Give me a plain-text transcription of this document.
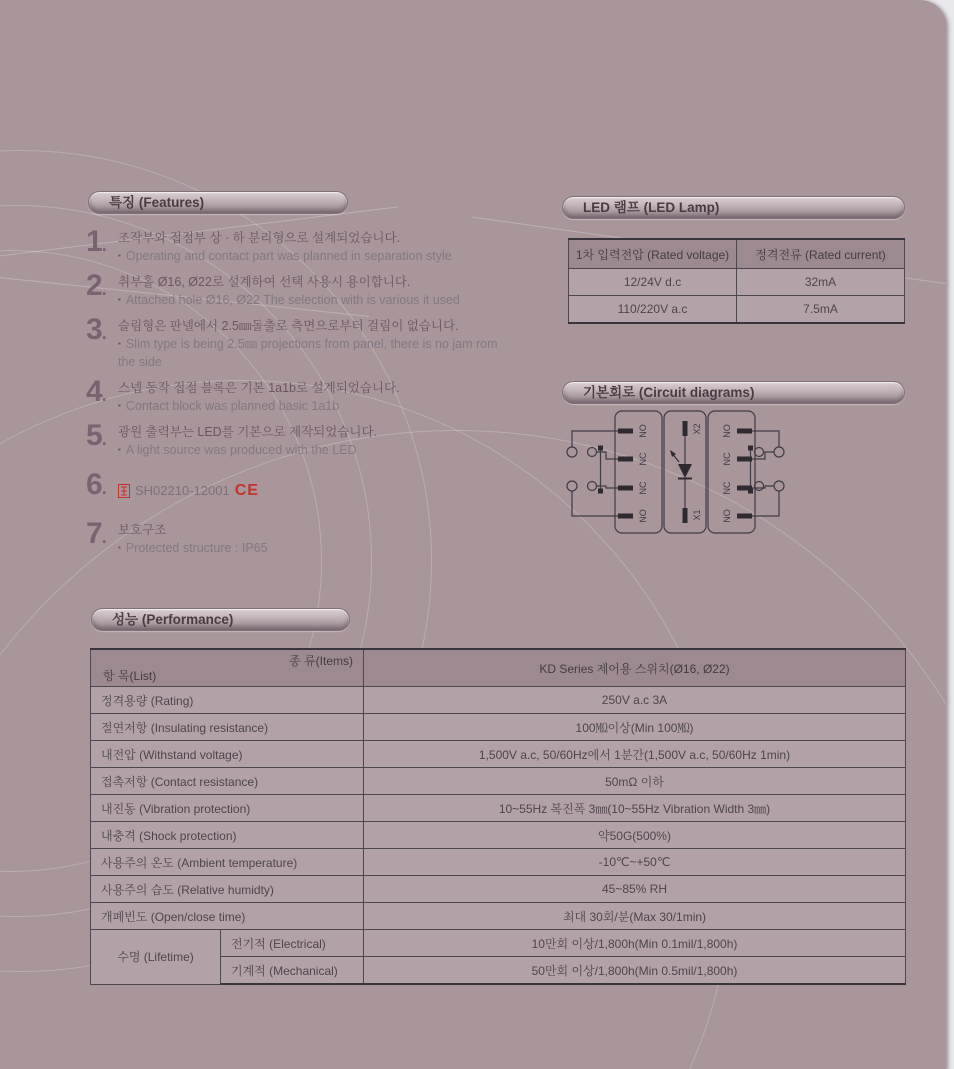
특징 (Features)
1 .	조작부와 접점부 상 · 하 분리형으로 설계되었습니다.
▪ Operating and contact part was planned in separation style
2 .	취부홀 Ø16, Ø22로 설계하여 선택 사용시 용이합니다.
▪ Attached hole Ø16, Ø22 The selection with is various it used
3 .	슬림형은 판넬에서 2.5㎜돌출로 측면으로부터 걸림이 없습니다.
▪ Slim type is being 2.5㎜ projections from panel, there is no jam rom the side
4 .	스넵 동작 접점 블록은 기본 1a1b로 설계되었습니다.
▪ Contact block was planned basic 1a1b
5 .	광원 출력부는 LED를 기본으로 제작되었습니다.
▪ A light source was produced with the LED
6 .	SH02210-12001 CE
7 .	보호구조
▪ Protected structure : IP65
LED 램프 (LED Lamp)
1차 입력전압 (Rated voltage)	정격전류 (Rated current)
12/24V d.c	32mA
110/220V a.c	7.5mA
기본회로 (Circuit diagrams)
NO
NC
NC
NO
NO
NC
NC
NO
X2
X1
성능 (Performance)
종 류(Items)
항 목(List)		KD Series 제어용 스위치(Ø16, Ø22)
정격용량 (Rating)		250V a.c 3A
절연저항 (Insulating resistance)		100㏁이상(Min 100㏁)
내전압 (Withstand voltage)		1,500V a.c, 50/60Hz에서 1분간(1,500V a.c, 50/60Hz 1min)
접촉저항 (Contact resistance)		50mΩ 이하
내진동 (Vibration protection)		10~55Hz 복진폭 3㎜(10~55Hz Vibration Width 3㎜)
내충격 (Shock protection)		약50G(500%)
사용주의 온도 (Ambient temperature)		-10℃~+50℃
사용주의 습도 (Relative humidty)		45~85% RH
개폐빈도 (Open/close time)		최대 30회/분(Max 30/1min)
수명 (Lifetime)	전기적 (Electrical)	10만회 이상/1,800h(Min 0.1mil/1,800h)
	기계적 (Mechanical)	50만회 이상/1,800h(Min 0.5mil/1,800h)
